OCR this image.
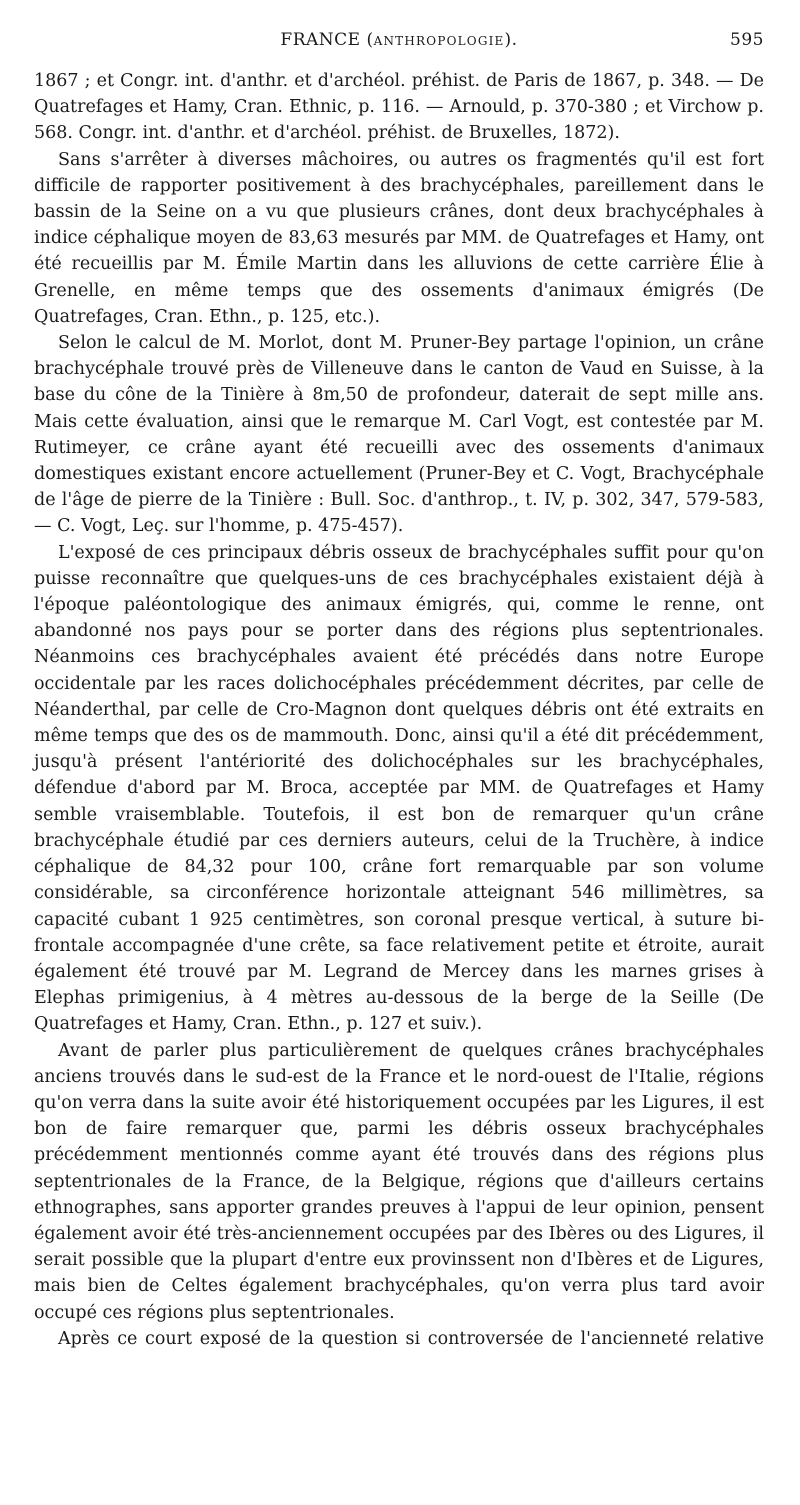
FRANCE (ANTHROPOLOGIE).	595

1867 ; et Congr. int. d'anthr. et d'archéol. préhist. de Paris de 1867, p. 348. — De Quatrefages et Hamy, Cran. Ethnic, p. 116. — Arnould, p. 370-380 ; et Virchow p. 568. Congr. int. d'anthr. et d'archéol. préhist. de Bruxelles, 1872).

Sans s'arrêter à diverses mâchoires, ou autres os fragmentés qu'il est fort difficile de rapporter positivement à des brachycéphales, pareillement dans le bassin de la Seine on a vu que plusieurs crânes, dont deux brachycéphales à indice céphalique moyen de 83,63 mesurés par MM. de Quatrefages et Hamy, ont été recueillis par M. Émile Martin dans les alluvions de cette carrière Élie à Grenelle, en même temps que des ossements d'animaux émigrés (De Quatrefages, Cran. Ethn., p. 125, etc.).

Selon le calcul de M. Morlot, dont M. Pruner-Bey partage l'opinion, un crâne brachycéphale trouvé près de Villeneuve dans le canton de Vaud en Suisse, à la base du cône de la Tinière à 8m,50 de profondeur, daterait de sept mille ans. Mais cette évaluation, ainsi que le remarque M. Carl Vogt, est contestée par M. Rutimeyer, ce crâne ayant été recueilli avec des ossements d'animaux domestiques existant encore actuellement (Pruner-Bey et C. Vogt, Brachycéphale de l'âge de pierre de la Tinière : Bull. Soc. d'anthrop., t. IV, p. 302, 347, 579-583, — C. Vogt, Leç. sur l'homme, p. 475-457).

L'exposé de ces principaux débris osseux de brachycéphales suffit pour qu'on puisse reconnaître que quelques-uns de ces brachycéphales existaient déjà à l'époque paléontologique des animaux émigrés, qui, comme le renne, ont abandonné nos pays pour se porter dans des régions plus septentrionales. Néanmoins ces brachycéphales avaient été précédés dans notre Europe occidentale par les races dolichocéphales précédemment décrites, par celle de Néanderthal, par celle de Cro-Magnon dont quelques débris ont été extraits en même temps que des os de mammouth. Donc, ainsi qu'il a été dit précédemment, jusqu'à présent l'antériorité des dolichocéphales sur les brachycéphales, défendue d'abord par M. Broca, acceptée par MM. de Quatrefages et Hamy semble vraisemblable. Toutefois, il est bon de remarquer qu'un crâne brachycéphale étudié par ces derniers auteurs, celui de la Truchère, à indice céphalique de 84,32 pour 100, crâne fort remarquable par son volume considérable, sa circonférence horizontale atteignant 546 millimètres, sa capacité cubant 1 925 centimètres, son coronal presque vertical, à suture bi-frontale accompagnée d'une crête, sa face relativement petite et étroite, aurait également été trouvé par M. Legrand de Mercey dans les marnes grises à Elephas primigenius, à 4 mètres au-dessous de la berge de la Seille (De Quatrefages et Hamy, Cran. Ethn., p. 127 et suiv.).

Avant de parler plus particulièrement de quelques crânes brachycéphales anciens trouvés dans le sud-est de la France et le nord-ouest de l'Italie, régions qu'on verra dans la suite avoir été historiquement occupées par les Ligures, il est bon de faire remarquer que, parmi les débris osseux brachycéphales précédemment mentionnés comme ayant été trouvés dans des régions plus septentrionales de la France, de la Belgique, régions que d'ailleurs certains ethnographes, sans apporter grandes preuves à l'appui de leur opinion, pensent également avoir été très-anciennement occupées par des Ibères ou des Ligures, il serait possible que la plupart d'entre eux provinssent non d'Ibères et de Ligures, mais bien de Celtes également brachycéphales, qu'on verra plus tard avoir occupé ces régions plus septentrionales.

Après ce court exposé de la question si controversée de l'ancienneté relative
